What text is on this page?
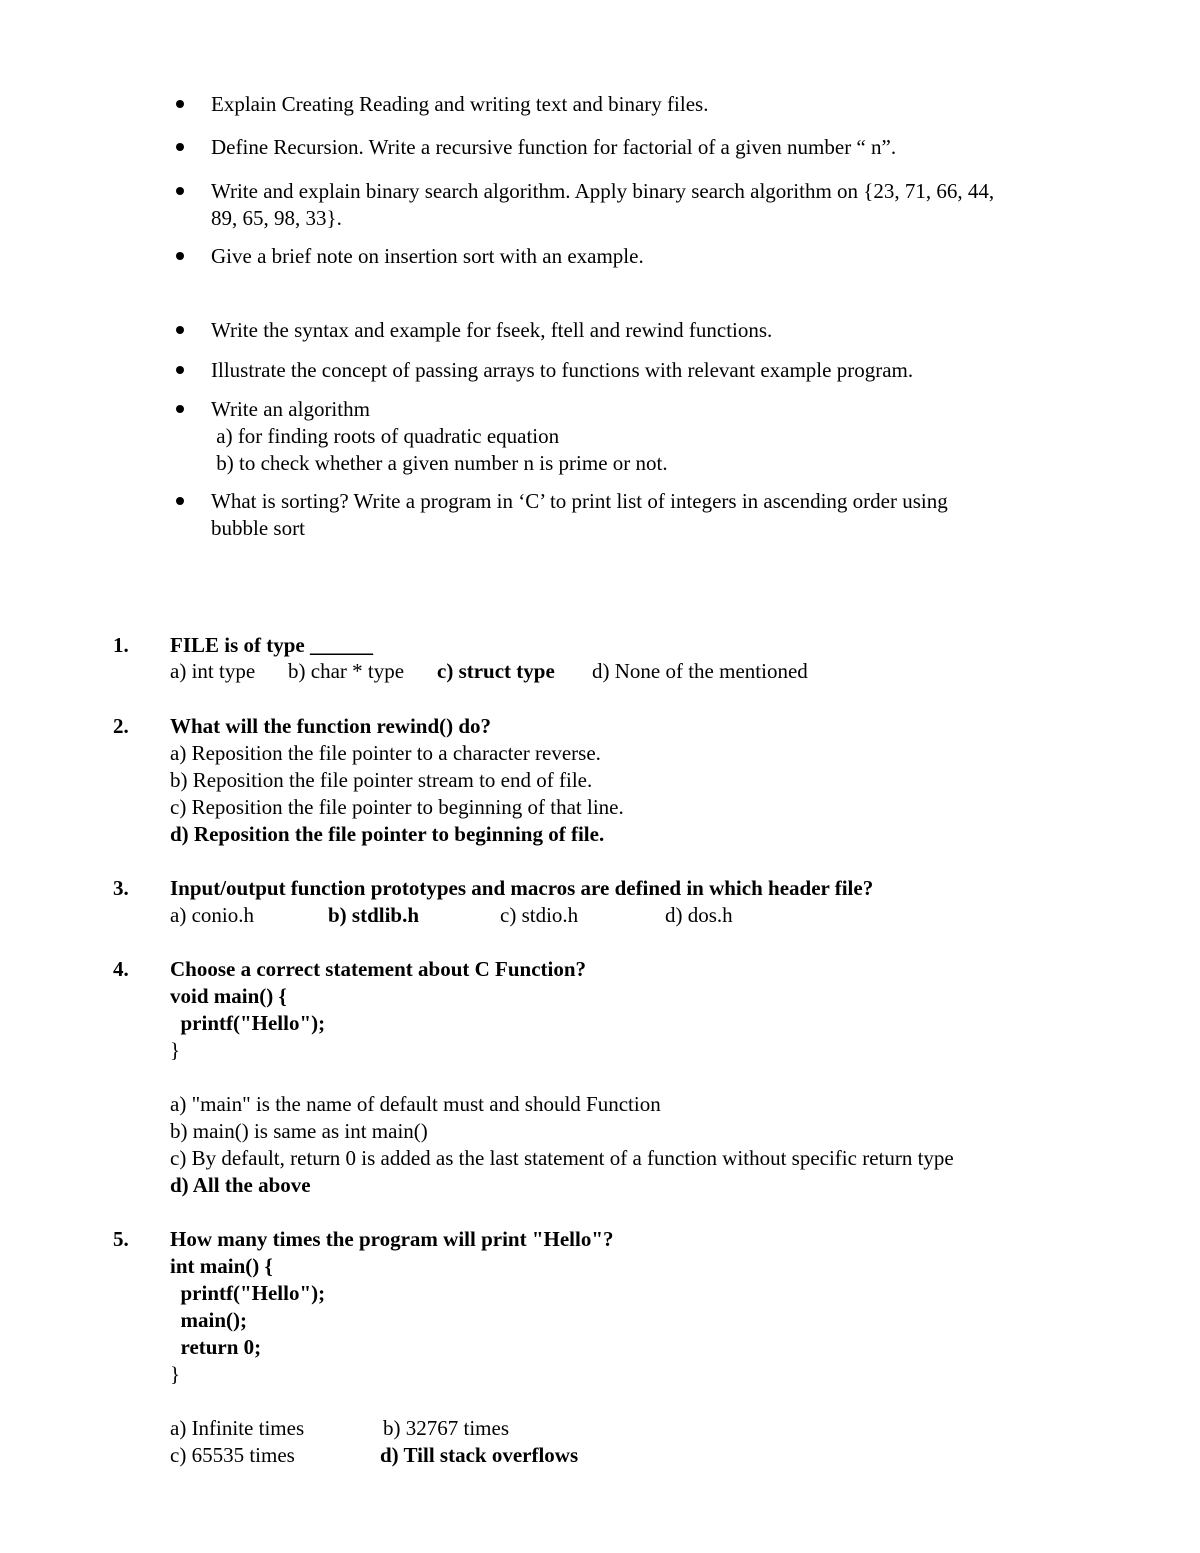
Explain Creating Reading and writing text and binary files.
Define Recursion. Write a recursive function for factorial of a given number “ n”.
Write and explain binary search algorithm. Apply binary search algorithm on {23, 71, 66, 44,
89, 65, 98, 33}.
Give a brief note on insertion sort with an example.
Write the syntax and example for fseek, ftell and rewind functions.
Illustrate the concept of passing arrays to functions with relevant example program.
Write an algorithm
a) for finding roots of quadratic equation
b) to check whether a given number n is prime or not.
What is sorting? Write a program in ‘C’ to print list of integers in ascending order using
bubble sort
1. FILE is of type ______
a) int type b) char * type c) struct type d) None of the mentioned
2. What will the function rewind() do?
a) Reposition the file pointer to a character reverse.
b) Reposition the file pointer stream to end of file.
c) Reposition the file pointer to beginning of that line.
d) Reposition the file pointer to beginning of file.
3. Input/output function prototypes and macros are defined in which header file?
a) conio.h	b) stdlib.h	c) stdio.h	d) dos.h
4. Choose a correct statement about C Function?
void main() {
printf("Hello");
}
a) "main" is the name of default must and should Function
b) main() is same as int main()
c) By default, return 0 is added as the last statement of a function without specific return type
d) All the above
5. How many times the program will print "Hello"?
int main() {
printf("Hello");
main();
return 0;
}
a) Infinite times	b) 32767 times
c) 65535 times	d) Till stack overflows
